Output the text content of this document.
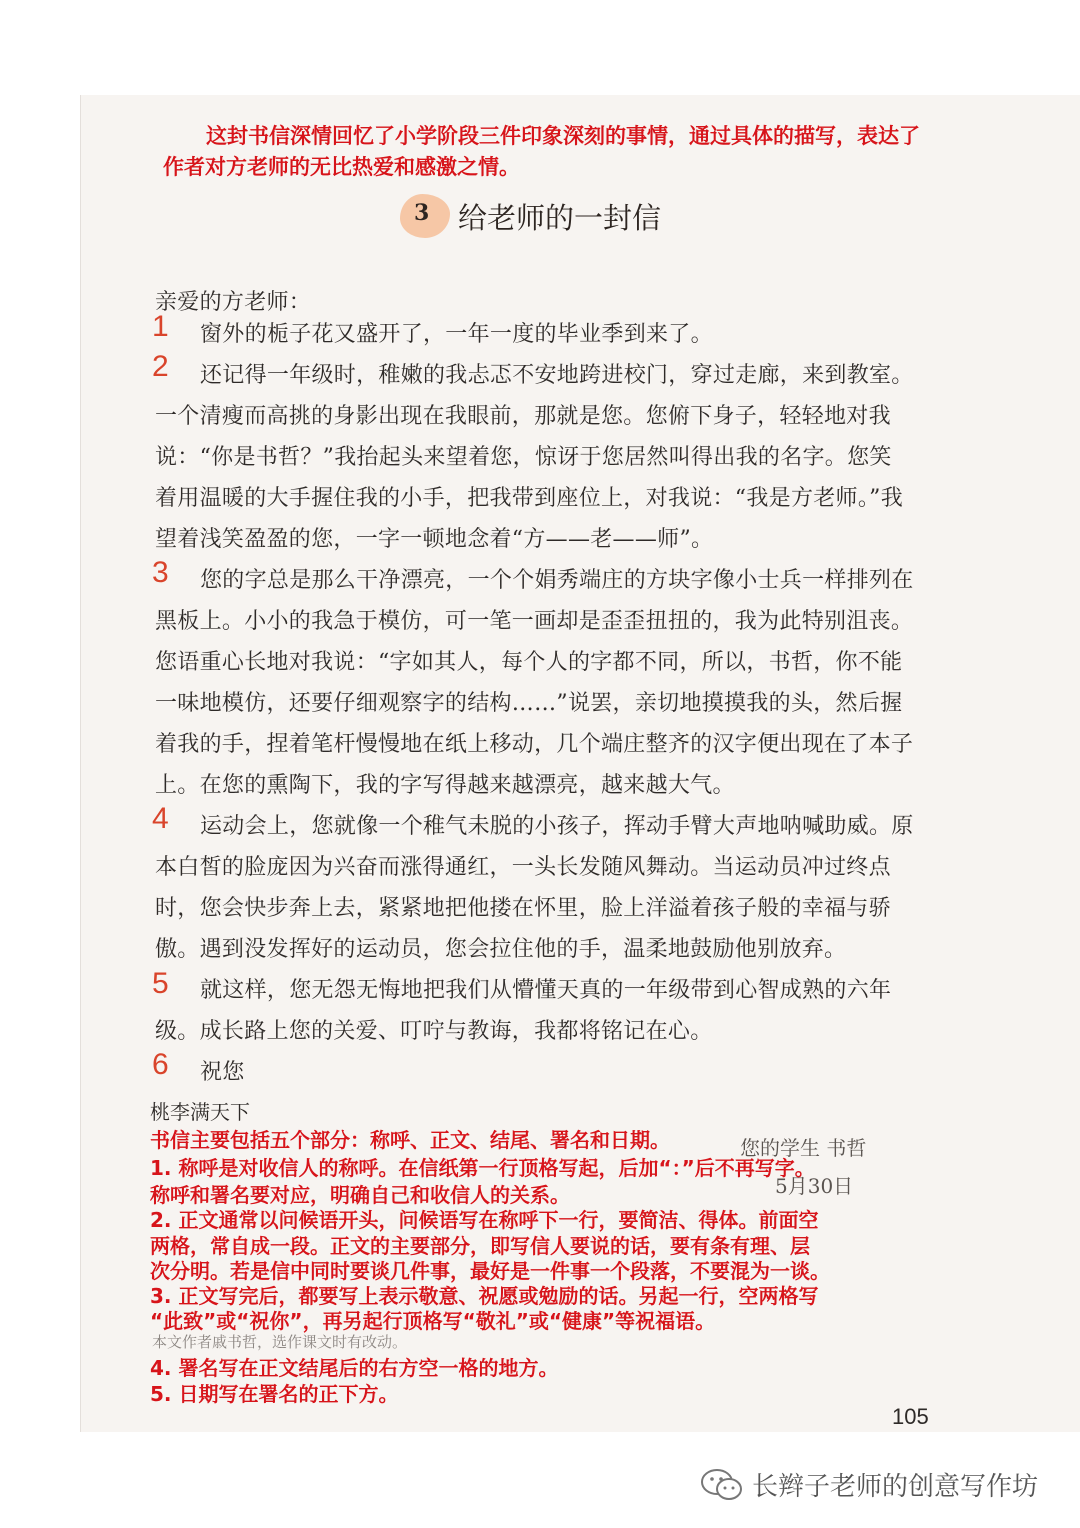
这封书信深情回忆了小学阶段三件印象深刻的事情，通过具体的描写，表达了
作者对方老师的无比热爱和感激之情。
3 给老师的一封信
亲爱的方老师：
1
2
3
4
5
6
窗外的栀子花又盛开了，一年一度的毕业季到来了。
还记得一年级时，稚嫩的我忐忑不安地跨进校门，穿过走廊，来到教室。
一个清瘦而高挑的身影出现在我眼前，那就是您。您俯下身子，轻轻地对我
说：“你是书哲？”我抬起头来望着您，惊讶于您居然叫得出我的名字。您笑
着用温暖的大手握住我的小手，把我带到座位上，对我说：“我是方老师。”我
望着浅笑盈盈的您，一字一顿地念着“方——老——师”。
您的字总是那么干净漂亮，一个个娟秀端庄的方块字像小士兵一样排列在
黑板上。小小的我急于模仿，可一笔一画却是歪歪扭扭的，我为此特别沮丧。
您语重心长地对我说：“字如其人，每个人的字都不同，所以，书哲，你不能
一味地模仿，还要仔细观察字的结构……”说罢，亲切地摸摸我的头，然后握
着我的手，捏着笔杆慢慢地在纸上移动，几个端庄整齐的汉字便出现在了本子
上。在您的熏陶下，我的字写得越来越漂亮，越来越大气。
运动会上，您就像一个稚气未脱的小孩子，挥动手臂大声地呐喊助威。原
本白皙的脸庞因为兴奋而涨得通红，一头长发随风舞动。当运动员冲过终点
时，您会快步奔上去，紧紧地把他搂在怀里，脸上洋溢着孩子般的幸福与骄
傲。遇到没发挥好的运动员，您会拉住他的手，温柔地鼓励他别放弃。
就这样，您无怨无悔地把我们从懵懂天真的一年级带到心智成熟的六年
级。成长路上您的关爱、叮咛与教诲，我都将铭记在心。
祝您
桃李满天下
您的学生 书哲
5月30日
书信主要包括五个部分：称呼、正文、结尾、署名和日期。
1. 称呼是对收信人的称呼。在信纸第一行顶格写起，后加“：”后不再写字。
称呼和署名要对应，明确自己和收信人的关系。
2. 正文通常以问候语开头，问候语写在称呼下一行，要简洁、得体。前面空
两格，常自成一段。正文的主要部分，即写信人要说的话，要有条有理、层
次分明。若是信中同时要谈几件事，最好是一件事一个段落，不要混为一谈。
3. 正文写完后，都要写上表示敬意、祝愿或勉励的话。另起一行，空两格写
“此致”或“祝你”，再另起行顶格写“敬礼”或“健康”等祝福语。
本文作者戚书哲，选作课文时有改动。
4. 署名写在正文结尾后的右方空一格的地方。
5. 日期写在署名的正下方。
105
长辫子老师的创意写作坊
